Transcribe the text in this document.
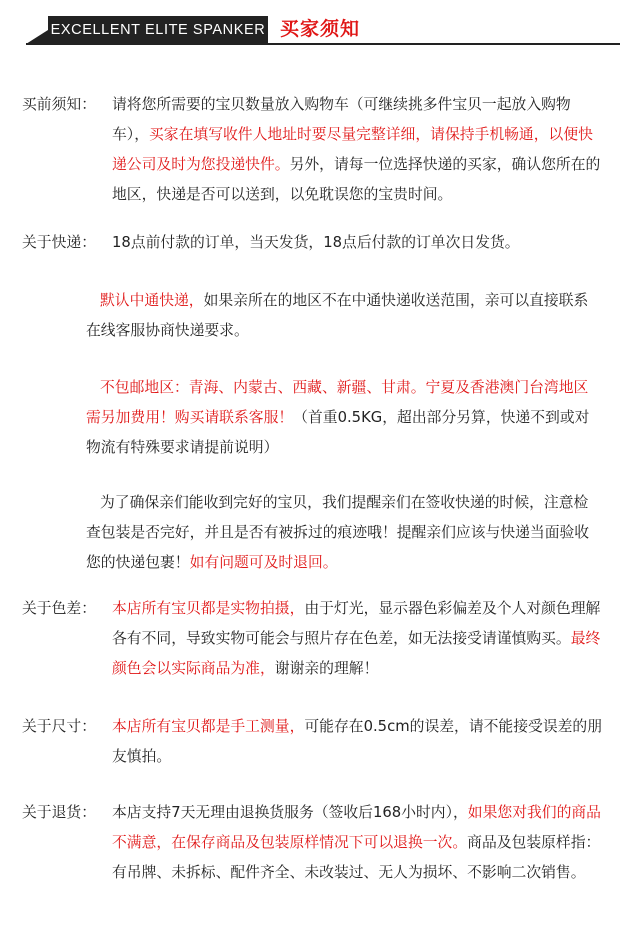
EXCELLENT ELITE SPANKER 买家须知
买前须知：	请将您所需要的宝贝数量放入购物车（可继续挑多件宝贝一起放入购物车），买家在填写收件人地址时要尽量完整详细，请保持手机畅通，以便快递公司及时为您投递快件。另外，请每一位选择快递的买家，确认您所在的地区，快递是否可以送到，以免耽误您的宝贵时间。
关于快递：	18点前付款的订单，当天发货，18点后付款的订单次日发货。
默认中通快递，如果亲所在的地区不在中通快递收送范围，亲可以直接联系在线客服协商快递要求。
不包邮地区：青海、内蒙古、西藏、新疆、甘肃。宁夏及香港澳门台湾地区需另加费用！购买请联系客服！（首重0.5KG，超出部分另算，快递不到或对物流有特殊要求请提前说明）
为了确保亲们能收到完好的宝贝，我们提醒亲们在签收快递的时候，注意检查包装是否完好，并且是否有被拆过的痕迹哦！提醒亲们应该与快递当面验收您的快递包裹！如有问题可及时退回。
关于色差：	本店所有宝贝都是实物拍摄，由于灯光，显示器色彩偏差及个人对颜色理解各有不同，导致实物可能会与照片存在色差，如无法接受请谨慎购买。最终颜色会以实际商品为准，谢谢亲的理解！
关于尺寸：	本店所有宝贝都是手工测量，可能存在0.5cm的误差，请不能接受误差的朋友慎拍。
关于退货：	本店支持7天无理由退换货服务（签收后168小时内），如果您对我们的商品不满意，在保存商品及包装原样情况下可以退换一次。商品及包装原样指：有吊牌、未拆标、配件齐全、未改装过、无人为损坏、不影响二次销售。
